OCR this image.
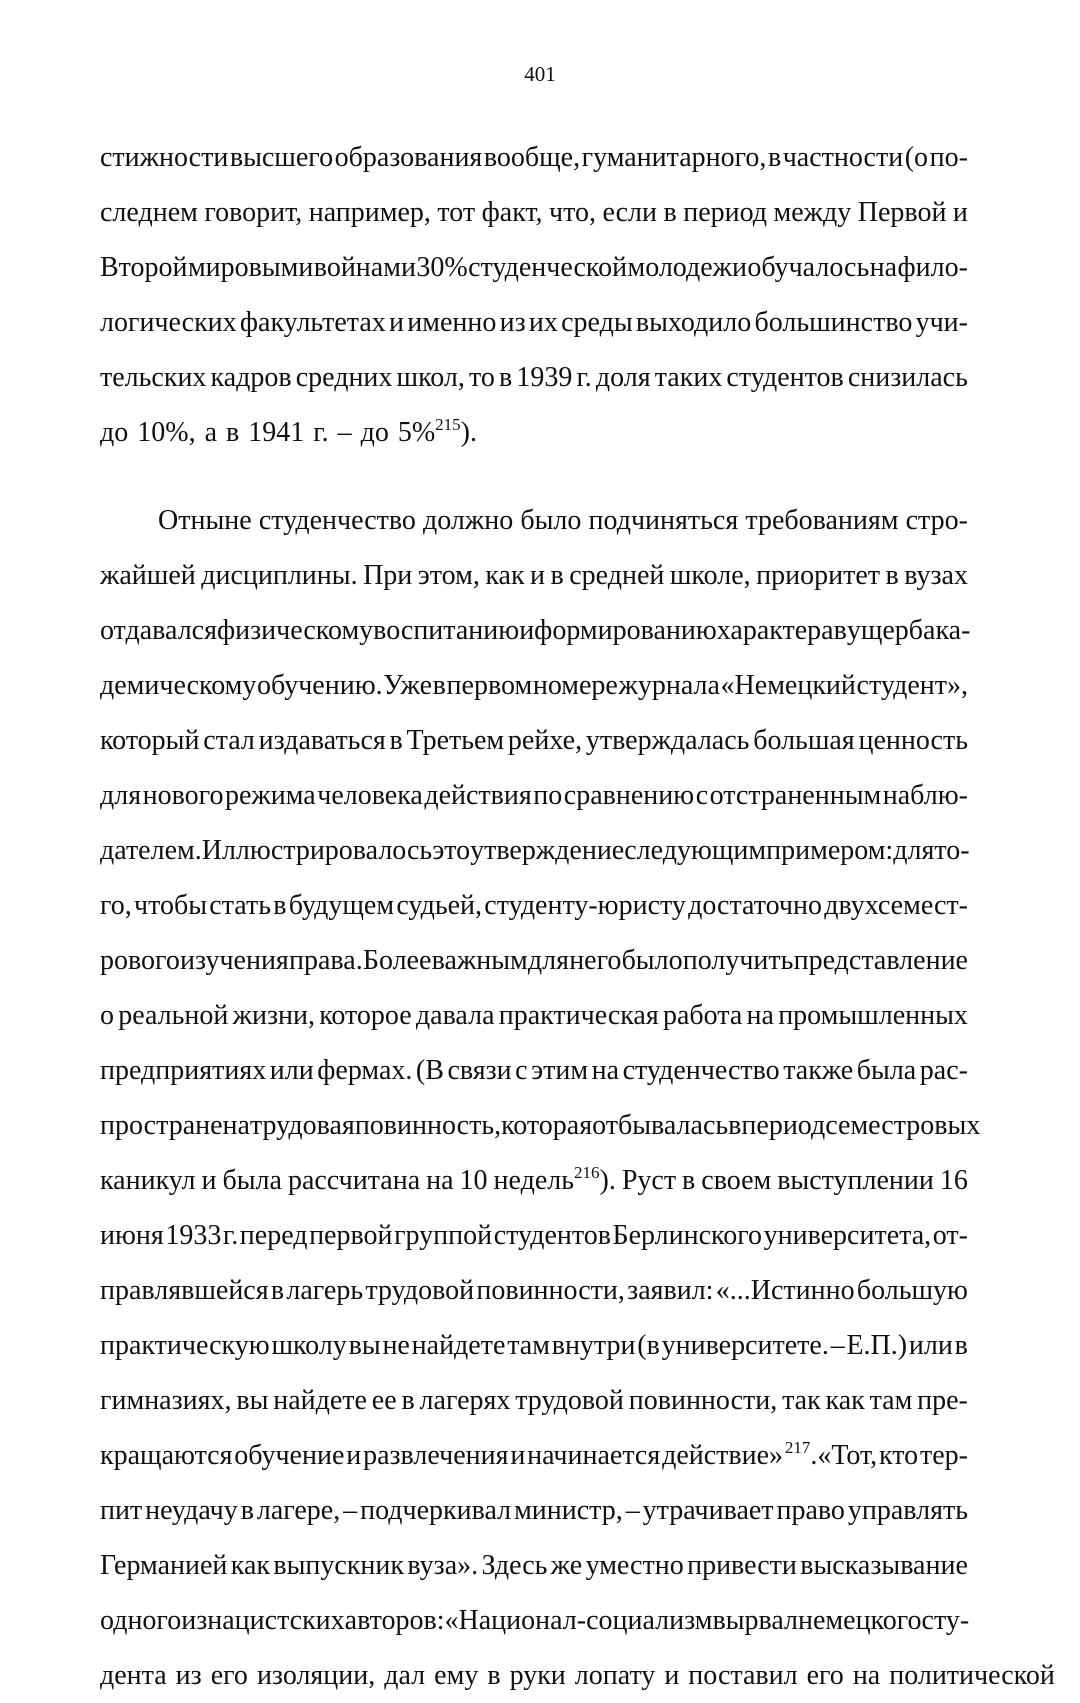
401
стижности высшего образования вообще, гуманитарного, в частности (о по-
следнем говорит, например, тот факт, что, если в период между Первой и
Второй мировыми войнами 30% студенческой молодежи обучалось на фило-
логических факультетах и именно из их среды выходило большинство учи-
тельских кадров средних школ, то в 1939 г. доля таких студентов снизилась
до 10%, а в 1941 г. – до 5%$^{215}$).
Отныне студенчество должно было подчиняться требованиям стро-
жайшей дисциплины. При этом, как и в средней школе, приоритет в вузах
отдавался физическому воспитанию и формированию характера в ущерб ака-
демическому обучению. Уже в первом номере журнала «Немецкий студент»,
который стал издаваться в Третьем рейхе, утверждалась большая ценность
для нового режима человека действия по сравнению с отстраненным наблю-
дателем. Иллюстрировалось это утверждение следующим примером: для то-
го, чтобы стать в будущем судьей, студенту-юристу достаточно двухсемест-
рового изучения права. Более важным для него было получить представление
о реальной жизни, которое давала практическая работа на промышленных
предприятиях или фермах. (В связи с этим на студенчество также была рас-
пространена трудовая повинность, которая отбывалась в период семестровых
каникул и была рассчитана на 10 недель$^{216}$). Руст в своем выступлении 16
июня 1933 г. перед первой группой студентов Берлинского университета, от-
правлявшейся в лагерь трудовой повинности, заявил: «...Истинно большую
практическую школу вы не найдете там внутри (в университете. – Е.П.) или в
гимназиях, вы найдете ее в лагерях трудовой повинности, так как там пре-
кращаются обучение и развлечения и начинается действие» $^{217}$.«Тот, кто тер-
пит неудачу в лагере, – подчеркивал министр, – утрачивает право управлять
Германией как выпускник вуза». Здесь же уместно привести высказывание
одного из нацистских авторов: «Национал-социализм вырвал немецкого сту-
дента из его изоляции, дал ему в руки лопату и поставил его на политической
